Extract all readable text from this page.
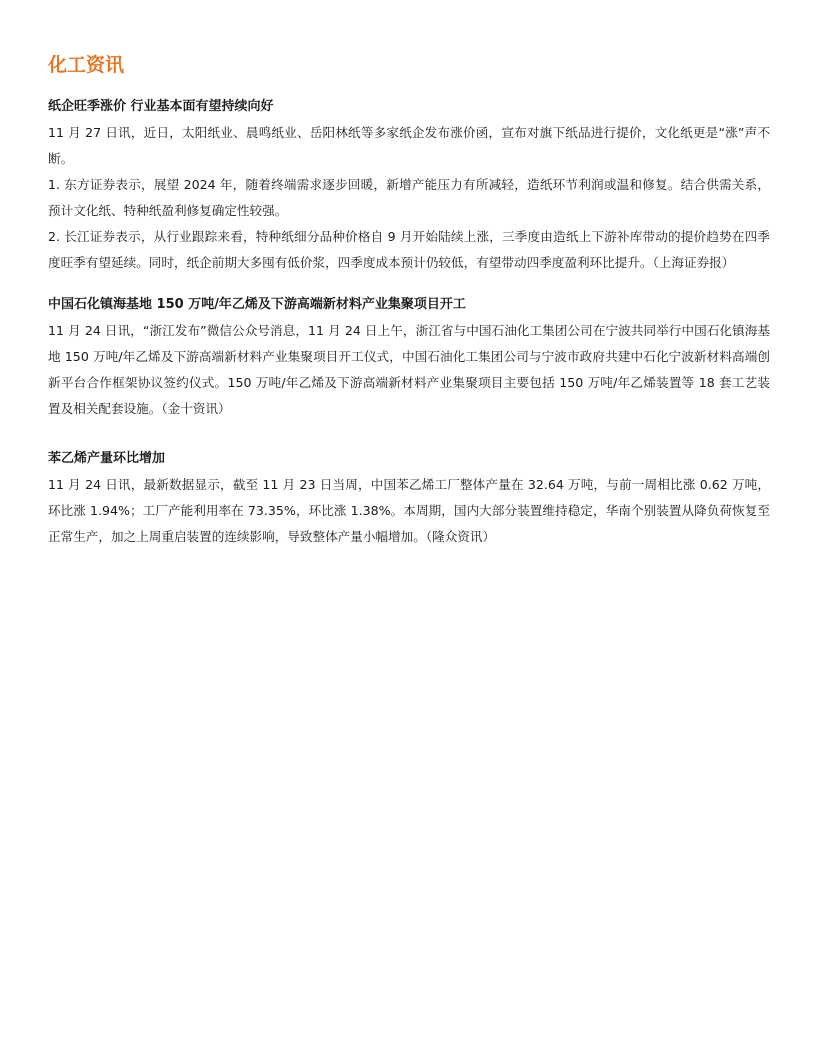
化工资讯
纸企旺季涨价 行业基本面有望持续向好

11 月 27 日讯，近日，太阳纸业、晨鸣纸业、岳阳林纸等多家纸企发布涨价函，宣布对旗下纸品进行提价，文化纸更是“涨”声不断。

1. 东方证券表示，展望 2024 年，随着终端需求逐步回暖，新增产能压力有所减轻，造纸环节利润或温和修复。结合供需关系，预计文化纸、特种纸盈利修复确定性较强。

2. 长江证券表示，从行业跟踪来看，特种纸细分品种价格自 9 月开始陆续上涨，三季度由造纸上下游补库带动的提价趋势在四季度旺季有望延续。同时，纸企前期大多囤有低价浆，四季度成本预计仍较低，有望带动四季度盈利环比提升。（上海证券报）

中国石化镇海基地 150 万吨/年乙烯及下游高端新材料产业集聚项目开工

11 月 24 日讯，“浙江发布”微信公众号消息，11 月 24 日上午，浙江省与中国石油化工集团公司在宁波共同举行中国石化镇海基地 150 万吨/年乙烯及下游高端新材料产业集聚项目开工仪式，中国石油化工集团公司与宁波市政府共建中石化宁波新材料高端创新平台合作框架协议签约仪式。150 万吨/年乙烯及下游高端新材料产业集聚项目主要包括 150 万吨/年乙烯装置等 18 套工艺装置及相关配套设施。（金十资讯）

苯乙烯产量环比增加

11 月 24 日讯，最新数据显示，截至 11 月 23 日当周，中国苯乙烯工厂整体产量在 32.64 万吨，与前一周相比涨 0.62 万吨，环比涨 1.94%；工厂产能利用率在 73.35%，环比涨 1.38%。本周期，国内大部分装置维持稳定，华南个别装置从降负荷恢复至正常生产，加之上周重启装置的连续影响，导致整体产量小幅增加。（隆众资讯）
